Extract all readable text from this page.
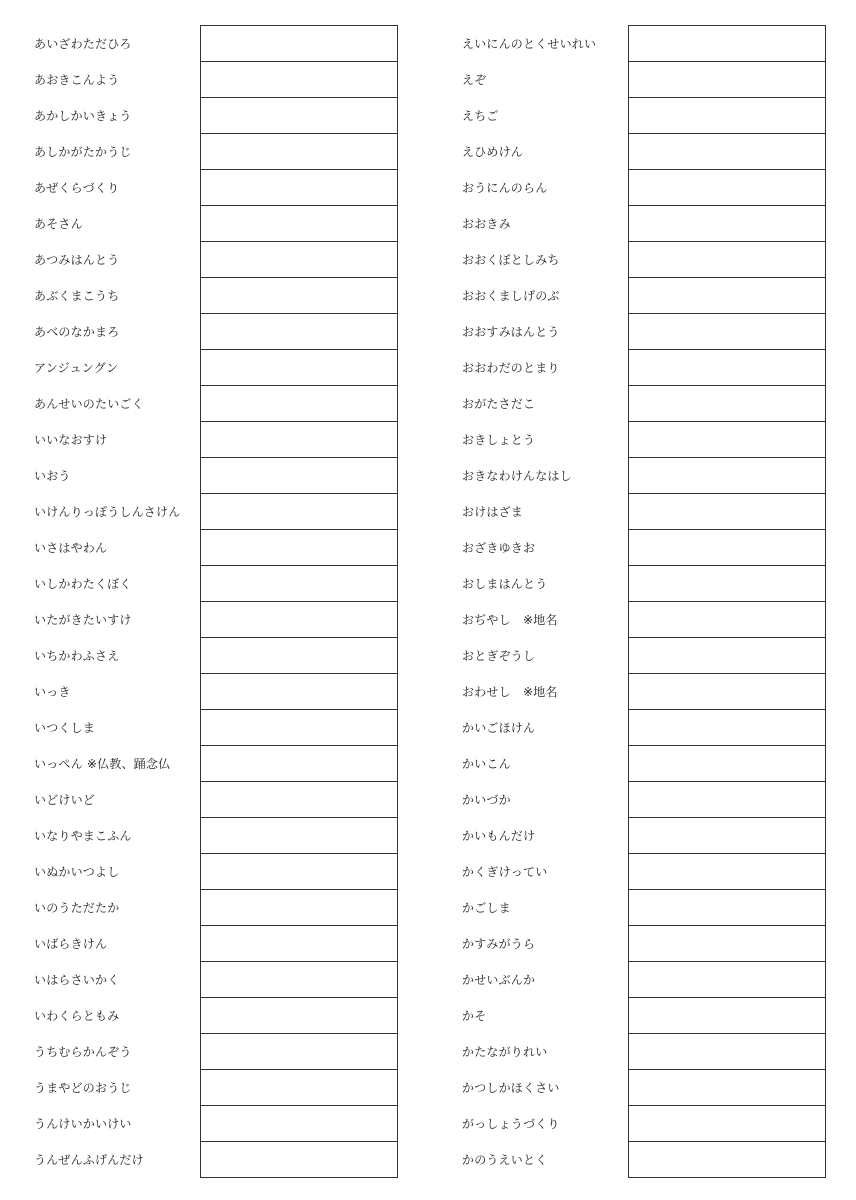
あいざわただひろ
あおきこんよう
あかしかいきょう
あしかがたかうじ
あぜくらづくり
あそさん
あつみはんとう
あぶくまこうち
あべのなかまろ
アンジュングン
あんせいのたいごく
いいなおすけ
いおう
いけんりっぽうしんさけん
いさはやわん
いしかわたくぼく
いたがきたいすけ
いちかわふさえ
いっき
いつくしま
いっぺん ※仏教、踊念仏
いどけいど
いなりやまこふん
いぬかいつよし
いのうただたか
いばらきけん
いはらさいかく
いわくらともみ
うちむらかんぞう
うまやどのおうじ
うんけいかいけい
うんぜんふげんだけ
えいにんのとくせいれい
えぞ
えちご
えひめけん
おうにんのらん
おおきみ
おおくぼとしみち
おおくましげのぶ
おおすみはんとう
おおわだのとまり
おがたさだこ
おきしょとう
おきなわけんなはし
おけはざま
おざきゆきお
おしまはんとう
おぢやし　※地名
おとぎぞうし
おわせし　※地名
かいごほけん
かいこん
かいづか
かいもんだけ
かくぎけってい
かごしま
かすみがうら
かせいぶんか
かそ
かたながりれい
かつしかほくさい
がっしょうづくり
かのうえいとく
